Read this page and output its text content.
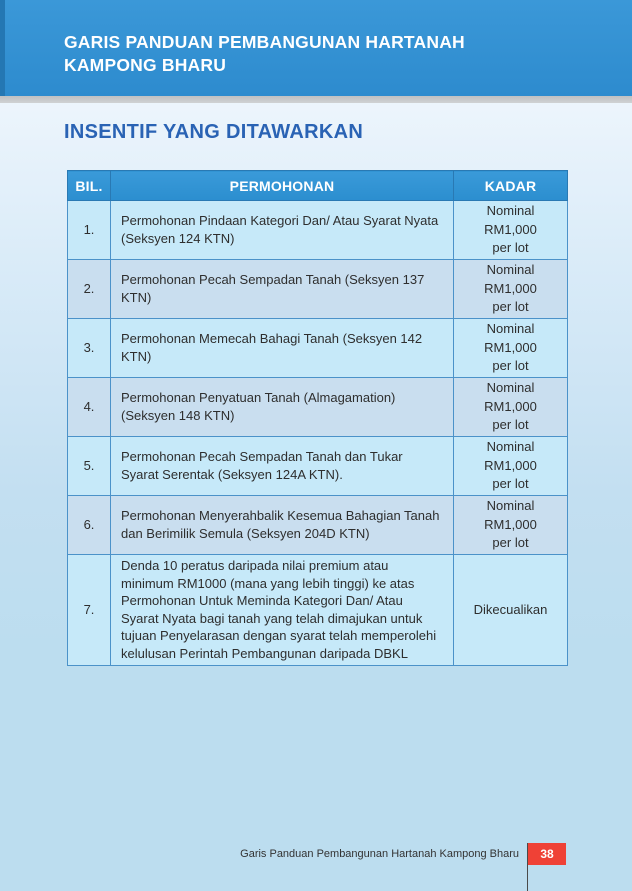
GARIS PANDUAN PEMBANGUNAN HARTANAH
KAMPONG BHARU
INSENTIF YANG DITAWARKAN
BIL.	PERMOHONAN	KADAR
1.	Permohonan Pindaan Kategori Dan/ Atau Syarat Nyata (Seksyen 124 KTN)	Nominal
RM1,000
per lot

2.	Permohonan Pecah Sempadan Tanah (Seksyen 137 KTN)	Nominal
RM1,000
per lot

3.	Permohonan Memecah Bahagi Tanah (Seksyen 142 KTN)	Nominal
RM1,000
per lot

4.	Permohonan Penyatuan Tanah (Almagamation) (Seksyen 148 KTN)	Nominal
RM1,000
per lot

5.	Permohonan Pecah Sempadan Tanah dan Tukar Syarat Serentak (Seksyen 124A KTN).	Nominal
RM1,000
per lot

6.	Permohonan Menyerahbalik Kesemua Bahagian Tanah dan Berimilik Semula (Seksyen 204D KTN)	Nominal
RM1,000
per lot

7.	Denda 10 peratus daripada nilai premium atau minimum RM1000 (mana yang lebih tinggi) ke atas Permohonan Untuk Meminda Kategori Dan/ Atau Syarat Nyata bagi tanah yang telah dimajukan untuk tujuan Penyelarasan dengan syarat telah memperolehi kelulusan Perintah Pembangunan daripada DBKL	Dikecualikan
Garis Panduan Pembangunan Hartanah Kampong Bharu	38
